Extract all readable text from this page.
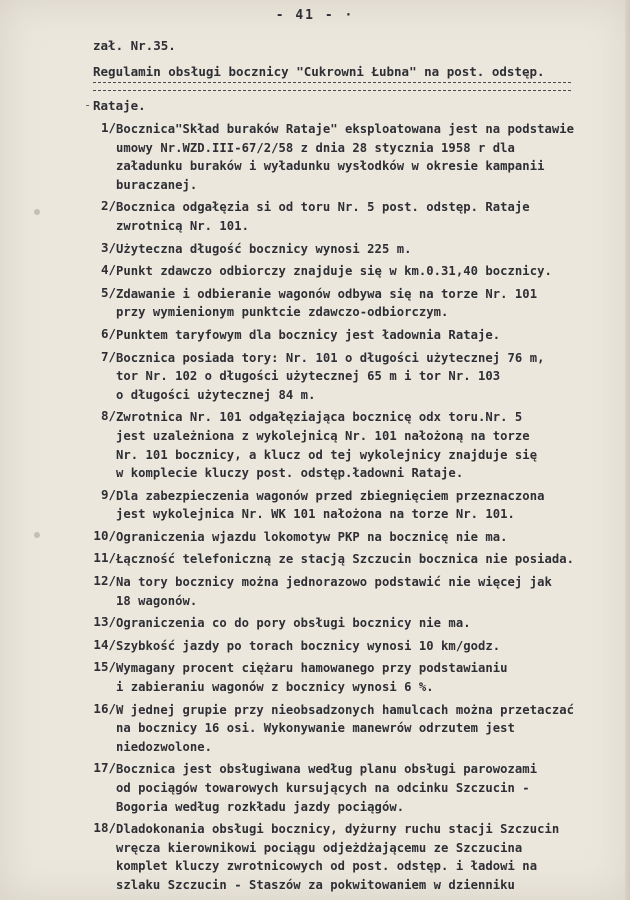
- 41 - ·
zał. Nr.35.
Regulamin obsługi bocznicy "Cukrowni Łubna" na post. odstęp.
- Rataje.
1/ Bocznica"Skład buraków Rataje" eksploatowana jest na podstawie
umowy Nr.WZD.III-67/2/58 z dnia 28 stycznia 1958 r dla
załadunku buraków i wyładunku wysłodków w okresie kampanii
buraczanej.
2/ Bocznica odgałęzia si od toru Nr. 5 post. odstęp. Rataje
zwrotnicą Nr. 101.
3/ Użyteczna długość bocznicy wynosi 225 m.
4/ Punkt zdawczo odbiorczy znajduje się w km.0.31,40 bocznicy.
5/ Zdawanie i odbieranie wagonów odbywa się na torze Nr. 101
przy wymienionym punktcie zdawczo-odbiorczym.
6/ Punktem taryfowym dla bocznicy jest ładownia Rataje.
7/ Bocznica posiada tory: Nr. 101 o długości użytecznej 76 m,
tor Nr. 102 o długości użytecznej 65 m i tor Nr. 103
o długości użytecznej 84 m.
8/ Zwrotnica Nr. 101 odgałęziająca bocznicę odx toru.Nr. 5
jest uzależniona z wykolejnicą Nr. 101 nałożoną na torze
Nr. 101 bocznicy, a klucz od tej wykolejnicy znajduje się
w komplecie kluczy post. odstęp.ładowni Rataje.
9/ Dla zabezpieczenia wagonów przed zbiegnięciem przeznaczona
jest wykolejnica Nr. WK 101 nałożona na torze Nr. 101.
10/ Ograniczenia wjazdu lokomotyw PKP na bocznicę nie ma.
11/ Łączność telefoniczną ze stacją Szczucin bocznica nie posiada.
12/ Na tory bocznicy można jednorazowo podstawić nie więcej jak
18 wagonów.
13/ Ograniczenia co do pory obsługi bocznicy nie ma.
14/ Szybkość jazdy po torach bocznicy wynosi 10 km/godz.
15/ Wymagany procent ciężaru hamowanego przy podstawianiu
i zabieraniu wagonów z bocznicy wynosi 6 %.
16/ W jednej grupie przy nieobsadzonych hamulcach można przetaczać
na bocznicy 16 osi. Wykonywanie manewrów odrzutem jest
niedozwolone.
17/ Bocznica jest obsługiwana według planu obsługi parowozami
od pociągów towarowych kursujących na odcinku Szczucin -
Bogoria według rozkładu jazdy pociągów.
18/ Dladokonania obsługi bocznicy, dyżurny ruchu stacji Szczucin
wręcza kierownikowi pociągu odjeżdżającemu ze Szczucina
komplet kluczy zwrotnicowych od post. odstęp. i ładowi na
szlaku Szczucin - Staszów za pokwitowaniem w dzienniku
